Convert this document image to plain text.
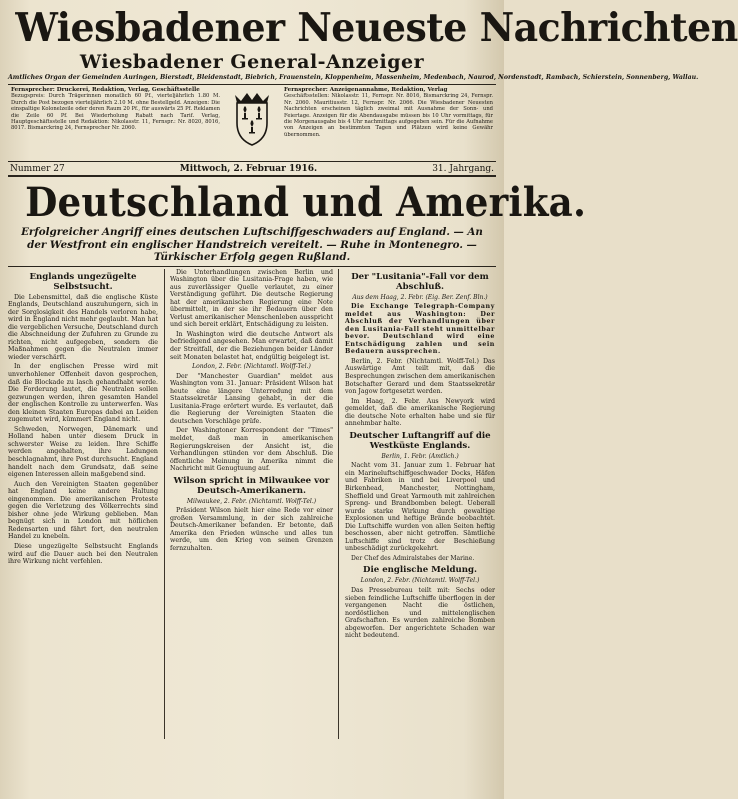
Wiesbadener Neueste Nachrichten
Wiesbadener General-Anzeiger
Amtliches Organ der Gemeinden Auringen, Bierstadt, Bleidenstadt, Biebrich, Frauenstein, Kloppenheim, Massenheim, Medenbach, Naurod, Nordenstadt, Rambach, Schierstein, Sonnenberg, Wallau.
Fernsprecher: Druckerei, Redaktion, Verlag, Geschäftsstelle
Bezugspreis: Durch Trägerinnen monatlich 60 Pf., vierteljährlich 1.80 M. Durch die Post bezogen vierteljährlich 2.10 M. ohne Bestellgeld. Anzeigen: Die einspaltige Kolonelzeile oder deren Raum 20 Pf., für auswärts 25 Pf. Reklamen die Zeile 60 Pf. Bei Wiederholung Rabatt nach Tarif. Verlag, Hauptgeschäftsstelle und Redaktion: Nikolasstr. 11, Fernspr.: Nr. 8020, 8016, 8017. Bismarckring 24, Fernsprecher Nr. 2060.
Fernsprecher: Anzeigenannahme, Redaktion, Verlag
Geschäftsstellen: Nikolasstr. 11, Fernspr. Nr. 8016, Bismarckring 24, Fernspr. Nr. 2060. Mauritiusstr. 12, Fernspr. Nr. 2066. Die Wiesbadener Neuesten Nachrichten erscheinen täglich zweimal mit Ausnahme der Sonn- und Feiertage. Anzeigen für die Abendausgabe müssen bis 10 Uhr vormittags, für die Morgenausgabe bis 4 Uhr nachmittags aufgegeben sein. Für die Aufnahme von Anzeigen an bestimmten Tagen und Plätzen wird keine Gewähr übernommen.
Nummer 27	Mittwoch, 2. Februar 1916.	31. Jahrgang.
Deutschland und Amerika.
Erfolgreicher Angriff eines deutschen Luftschiffgeschwaders auf England. — An der Westfront ein englischer Handstreich vereitelt. — Ruhe in Montenegro. — Türkischer Erfolg gegen Rußland.
Englands ungezügelte Selbstsucht.

Die Lebensmittel, daß die englische Küste Englands, Deutschland auszuhungern, sich in der Sorglosigkeit des Handels verloren habe, wird in England nicht mehr geglaubt. Man hat die vergeblichen Versuche, Deutschland durch die Abschneidung der Zufuhren zu Grunde zu richten, nicht aufgegeben, sondern die Maßnahmen gegen die Neutralen immer wieder verschärft.

In der englischen Presse wird mit unverhohlener Offenheit davon gesprochen, daß die Blockade zu lasch gehandhabt werde. Die Forderung lautet, die Neutralen sollen gezwungen werden, ihren gesamten Handel der englischen Kontrolle zu unterwerfen. Was den kleinen Staaten Europas dabei an Leiden zugemutet wird, kümmert England nicht.

Schweden, Norwegen, Dänemark und Holland haben unter diesem Druck in schwerster Weise zu leiden. Ihre Schiffe werden angehalten, ihre Ladungen beschlagnahmt, ihre Post durchsucht. England handelt nach dem Grundsatz, daß seine eigenen Interessen allein maßgebend sind.

Auch den Vereinigten Staaten gegenüber hat England keine andere Haltung eingenommen. Die amerikanischen Proteste gegen die Verletzung des Völkerrechts sind bisher ohne jede Wirkung geblieben. Man begnügt sich in London mit höflichen Redensarten und fährt fort, den neutralen Handel zu knebeln.

Diese ungezügelte Selbstsucht Englands wird auf die Dauer auch bei den Neutralen ihre Wirkung nicht verfehlen.

Die Unterhandlungen zwischen Berlin und Washington über die Lusitania-Frage haben, wie aus zuverlässiger Quelle verlautet, zu einer Verständigung geführt. Die deutsche Regierung hat der amerikanischen Regierung eine Note übermittelt, in der sie ihr Bedauern über den Verlust amerikanischer Menschenleben ausspricht und sich bereit erklärt, Entschädigung zu leisten.

In Washington wird die deutsche Antwort als befriedigend angesehen. Man erwartet, daß damit der Streitfall, der die Beziehungen beider Länder seit Monaten belastet hat, endgültig beigelegt ist.

London, 2. Febr. (Nichtamtl. Wolff-Tel.)

Der "Manchester Guardian" meldet aus Washington vom 31. Januar: Präsident Wilson hat heute eine längere Unterredung mit dem Staatssekretär Lansing gehabt, in der die Lusitania-Frage erörtert wurde. Es verlautet, daß die Regierung der Vereinigten Staaten die deutschen Vorschläge prüfe.

Der Washingtoner Korrespondent der "Times" meldet, daß man in amerikanischen Regierungskreisen der Ansicht ist, die Verhandlungen stünden vor dem Abschluß. Die öffentliche Meinung in Amerika nimmt die Nachricht mit Genugtuung auf.

Wilson spricht in Milwaukee vor Deutsch-Amerikanern.
Milwaukee, 2. Febr. (Nichtamtl. Wolff-Tel.)

Präsident Wilson hielt hier eine Rede vor einer großen Versammlung, in der sich zahlreiche Deutsch-Amerikaner befanden. Er betonte, daß Amerika den Frieden wünsche und alles tun werde, um den Krieg von seinen Grenzen fernzuhalten.

Der "Lusitania"-Fall vor dem Abschluß.
Aus dem Haag, 2. Febr. (Eig. Ber. Zenf. Bln.)

Die Exchange Telegraph-Company meldet aus Washington: Der Abschluß der Verhandlungen über den Lusitania-Fall steht unmittelbar bevor. Deutschland wird eine Entschädigung zahlen und sein Bedauern aussprechen.

Berlin, 2. Febr. (Nichtamtl. Wolff-Tel.) Das Auswärtige Amt teilt mit, daß die Besprechungen zwischen dem amerikanischen Botschafter Gerard und dem Staatssekretär von Jagow fortgesetzt werden.

Im Haag, 2. Febr. Aus Newyork wird gemeldet, daß die amerikanische Regierung die deutsche Note erhalten habe und sie für annehmbar halte.

Deutscher Luftangriff auf die Westküste Englands.
Berlin, 1. Febr. (Amtlich.)

Nacht vom 31. Januar zum 1. Februar hat ein Marineluftschiffgeschwader Docks, Häfen und Fabriken in und bei Liverpool und Birkenhead, Manchester, Nottingham, Sheffield und Great Yarmouth mit zahlreichen Spreng- und Brandbomben belegt. Ueberall wurde starke Wirkung durch gewaltige Explosionen und heftige Brände beobachtet. Die Luftschiffe wurden von allen Seiten heftig beschossen, aber nicht getroffen. Sämtliche Luftschiffe sind trotz der Beschießung unbeschädigt zurückgekehrt.

Der Chef des Admiralstabes der Marine.

Die englische Meldung.
London, 2. Febr. (Nichtamtl. Wolff-Tel.)

Das Pressebureau teilt mit: Sechs oder sieben feindliche Luftschiffe überflogen in der vergangenen Nacht die östlichen, nordöstlichen und mittelenglischen Grafschaften. Es wurden zahlreiche Bomben abgeworfen. Der angerichtete Schaden war nicht bedeutend.
